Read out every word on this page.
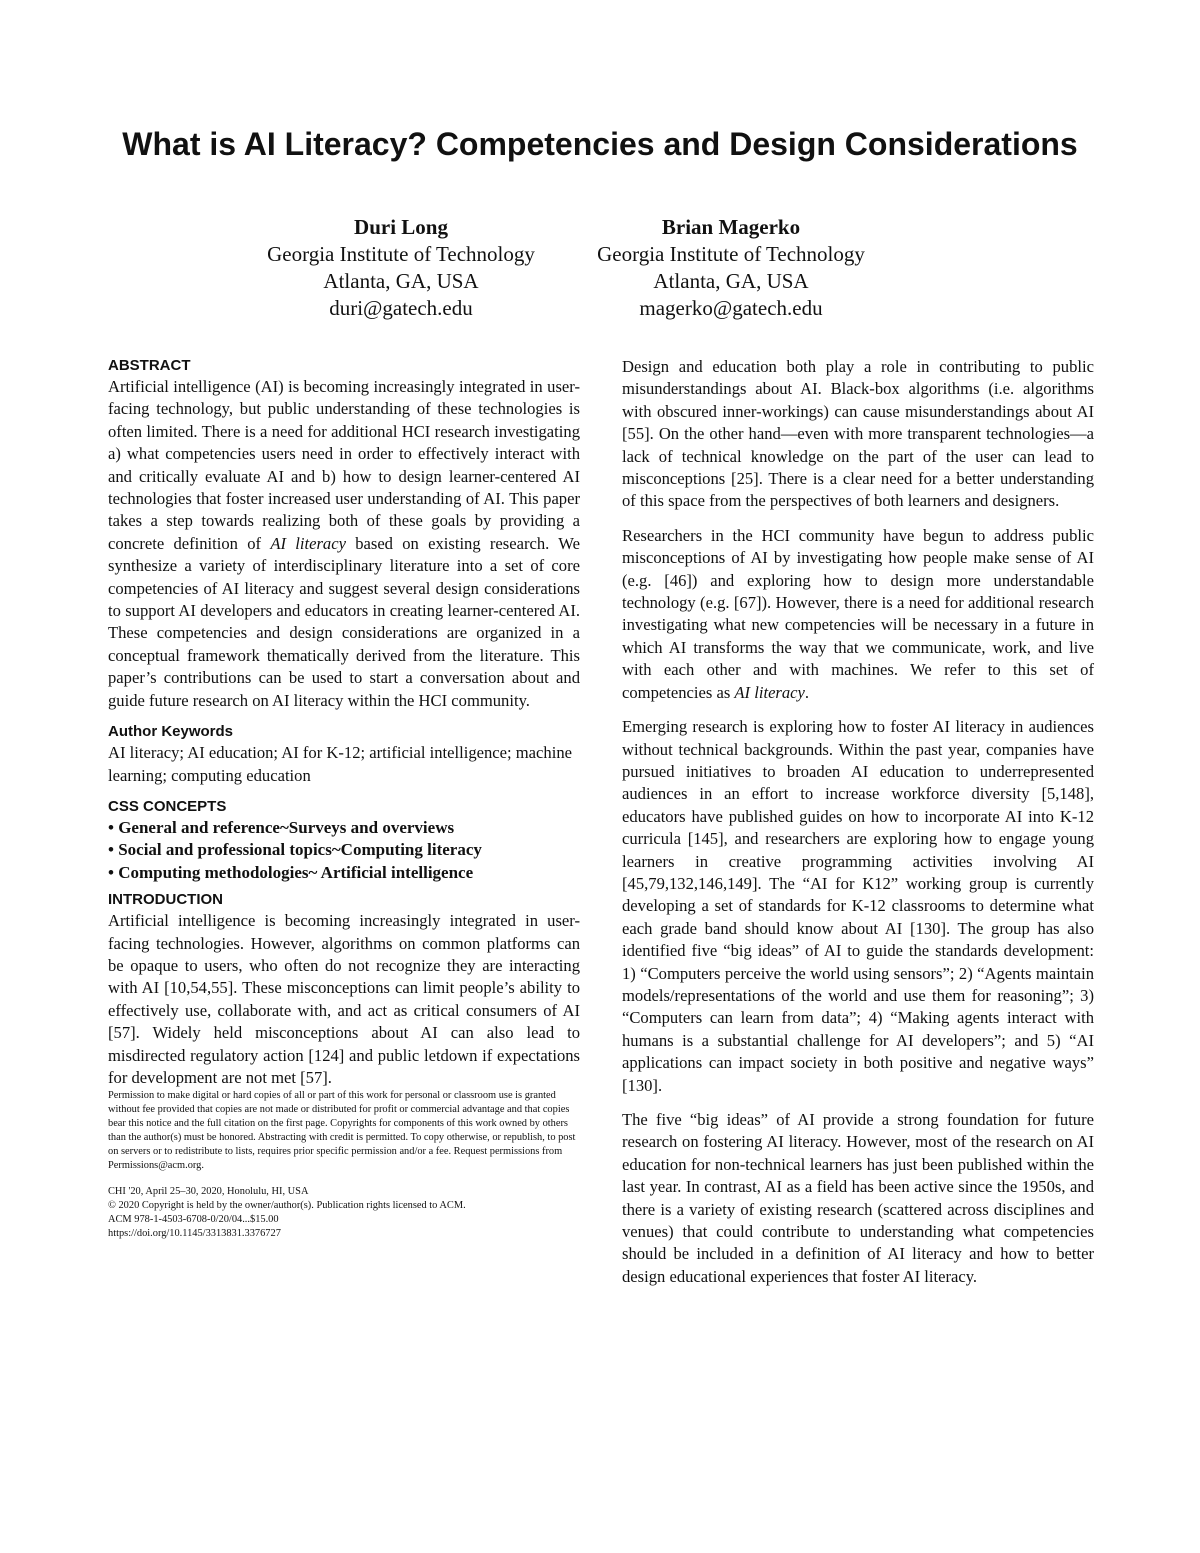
What is AI Literacy? Competencies and Design Considerations
Duri Long
Georgia Institute of Technology
Atlanta, GA, USA
duri@gatech.edu
Brian Magerko
Georgia Institute of Technology
Atlanta, GA, USA
magerko@gatech.edu
ABSTRACT

Artificial intelligence (AI) is becoming increasingly integrated in user-facing technology, but public understanding of these technologies is often limited. There is a need for additional HCI research investigating a) what competencies users need in order to effectively interact with and critically evaluate AI and b) how to design learner-centered AI technologies that foster increased user understanding of AI. This paper takes a step towards realizing both of these goals by providing a concrete definition of AI literacy based on existing research. We synthesize a variety of interdisciplinary literature into a set of core competencies of AI literacy and suggest several design considerations to support AI developers and educators in creating learner-centered AI. These competencies and design considerations are organized in a conceptual framework thematically derived from the literature. This paper’s contributions can be used to start a conversation about and guide future research on AI literacy within the HCI community.

Author Keywords

AI literacy; AI education; AI for K-12; artificial intelligence; machine learning; computing education

CSS CONCEPTS
• General and reference~Surveys and overviews
• Social and professional topics~Computing literacy
• Computing methodologies~ Artificial intelligence
INTRODUCTION

Artificial intelligence is becoming increasingly integrated in user-facing technologies. However, algorithms on common platforms can be opaque to users, who often do not recognize they are interacting with AI [10,54,55]. These misconceptions can limit people’s ability to effectively use, collaborate with, and act as critical consumers of AI [57]. Widely held misconceptions about AI can also lead to misdirected regulatory action [124] and public letdown if expectations for development are not met [57].

Permission to make digital or hard copies of all or part of this work for personal or classroom use is granted without fee provided that copies are not made or distributed for profit or commercial advantage and that copies bear this notice and the full citation on the first page. Copyrights for components of this work owned by others than the author(s) must be honored. Abstracting with credit is permitted. To copy otherwise, or republish, to post on servers or to redistribute to lists, requires prior specific permission and/or a fee. Request permissions from Permissions@acm.org.

CHI '20, April 25–30, 2020, Honolulu, HI, USA
© 2020 Copyright is held by the owner/author(s). Publication rights licensed to ACM.
ACM 978-1-4503-6708-0/20/04...$15.00
https://doi.org/10.1145/3313831.3376727

Design and education both play a role in contributing to public misunderstandings about AI. Black-box algorithms (i.e. algorithms with obscured inner-workings) can cause misunderstandings about AI [55]. On the other hand—even with more transparent technologies—a lack of technical knowledge on the part of the user can lead to misconceptions [25]. There is a clear need for a better understanding of this space from the perspectives of both learners and designers.

Researchers in the HCI community have begun to address public misconceptions of AI by investigating how people make sense of AI (e.g. [46]) and exploring how to design more understandable technology (e.g. [67]). However, there is a need for additional research investigating what new competencies will be necessary in a future in which AI transforms the way that we communicate, work, and live with each other and with machines. We refer to this set of competencies as AI literacy.

Emerging research is exploring how to foster AI literacy in audiences without technical backgrounds. Within the past year, companies have pursued initiatives to broaden AI education to underrepresented audiences in an effort to increase workforce diversity [5,148], educators have published guides on how to incorporate AI into K-12 curricula [145], and researchers are exploring how to engage young learners in creative programming activities involving AI [45,79,132,146,149]. The “AI for K12” working group is currently developing a set of standards for K-12 classrooms to determine what each grade band should know about AI [130]. The group has also identified five “big ideas” of AI to guide the standards development: 1) “Computers perceive the world using sensors”; 2) “Agents maintain models/representations of the world and use them for reasoning”; 3) “Computers can learn from data”; 4) “Making agents interact with humans is a substantial challenge for AI developers”; and 5) “AI applications can impact society in both positive and negative ways” [130].

The five “big ideas” of AI provide a strong foundation for future research on fostering AI literacy. However, most of the research on AI education for non-technical learners has just been published within the last year. In contrast, AI as a field has been active since the 1950s, and there is a variety of existing research (scattered across disciplines and venues) that could contribute to understanding what competencies should be included in a definition of AI literacy and how to better design educational experiences that foster AI literacy.
